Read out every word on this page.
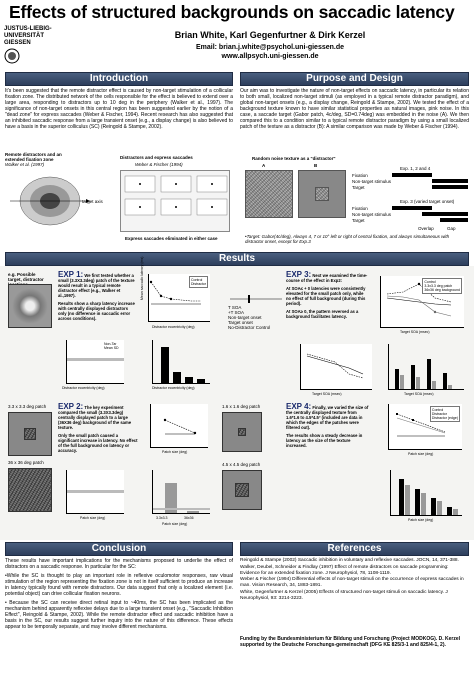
Effects of structured backgrounds on saccadic latency
JUSTUS-LIEBIG-UNIVERSITÄT GIESSEN
Brian White, Karl Gegenfurtner & Dirk Kerzel
Email: brian.j.white@psychol.uni-giessen.de
www.allpsych.uni-giessen.de
Introduction
It's been suggested that the remote distractor effect is caused by non-target stimulation of a collicular fixation zone. The distributed network of the cells responsible for the effect is believed to extend over a large area, responding to distractors up to 10 deg in the periphery (Walker et al., 1997). The significance of non-target onsets in this central region has been suggested earlier by the notion of a "dead zone" for express saccades (Weber & Fischer, 1994). Recent research has also suggested that an inhibited saccadic response from a large transient onset (e.g., a display change) is also believed to have a basis in the superior colliculus (SC) (Reingold & Stampe, 2002).
Remote distractors and an extended fixation zone
Walker et al. (1997)
target axis
Distractors and express saccades
Weber & Fischer (1994)
Express saccades eliminated in either case
Purpose and Design
Our aim was to investigate the nature of non-target effects on saccadic latency, in particular its relation to both small, localized non-target stimuli (as employed in a typical remote distractor paradigm), and global non-target onsets (e.g., a display change, Reingold & Stampe, 2002). We tested the effect of a background texture known to have similar statistical properties as natural images, pink noise. In this case, a saccade target (Gabor patch, 4c/deg, SD=0.74deg) was embedded in the noise (A). We then compared this to a condition similar to a typical remote distractor paradigm by using a small localized patch of the texture as a distractor (B): A similar comparison was made by Weber & Fischer (1994).
Random noise texture as a "distractor"
A	B
Exp. 1, 2 and 4
Fixation
Non-target stimulus
Target
Exp. 3 (varied target onset)
Fixation
Non-target stimulus
Target
Overlap	Gap
•Target: Gabor(4c/deg), Always 4, 7 or 10° left or right of central fixation, and always simultaneous with distractor onset, except for Exp.3
Results
e.g. Possible target, distractor
3.3 x 3.3 deg patch
36 x 36 deg patch
EXP 1: We first tested whether a small (3.3X3.3deg) patch of the texture would result in a typical remote distractor effect (e.g., Walker et al.,1997).
Results show a sharp latency increase with centrally displayed distractors only (no difference in saccadic error across conditions).
Control
Distractor
Distractor eccentricity (deg)
Mean saccadic latency (ms)
Non-Tar Mean SD
Distractor eccentricity (deg)	Distractor eccentricity (deg)
EXP 2: The key experiment compared the small (3.3X3.3deg) centrally displayed patch to a large (36X36 deg) background of the same texture.
Only the small patch caused a significant increase in latency. No effect of the full background on latency or accuracy.	Patch size (deg)
Patch size (deg)	3.3x3.3	36x36
Patch size (deg)
EXP 3: Next we examined the time-course of the effect in Exp2:
At SOA≤ + 0 latencies were consistently elevated for the small patch only, while no effect of full background (during this period).
At SOA≥ 0, the pattern reversed as a background facilitates latency.
T SOA
+T SOA
Non-target onset
Target onset
No-Distractor Control
Control
3.3x3.3 deg patch
36x36 deg background
Target SOA (msec)
Target SOA (msec)	Target SOA (msec)
1.6 x 1.6 deg patch
4.5 x 4.5 deg patch
EXP 4: Finally, we varied the size of the centrally displayed texture from 1.6*1.6 to 4.5*4.5° (included are data in which the edges of the patches were filtered out).
The results show a steady decrease in latency as the size of the texture increased.
Control
Distractor
Distractor (edge)
Patch size (deg)
Patch size (deg)
Conclusion

These results have important implications for the mechanisms proposed to underlie the effect of distractors on a saccadic response. In particular for the SC:

•While the SC is thought to play an important role in reflexive oculomotor responses, raw visual stimulation of the region representing the fixation zone is not in itself sufficient to produce an increase in latency typically found with remote distractors. Our data suggest that only a localized element (i.e. potential object) can drive collicular fixation neurons.

• Because the SC can receive direct retinal input to ~40ms, the SC has been implicated as the mechanism behind apparently reflexive delays due to a large transient onset (e.g., "Saccadic Inhibition Effect", Reingold & Stampe, 2002). While the remote distractor effect and saccadic inhibition have a basis in the SC, our results suggest further inquiry into the nature of this difference. These effects appear to be temporally separate, and may involve different mechanisms.

References

Reingold & Stampe (2002) Saccadic inhibition in voluntary and reflexive saccades. JOCN, 14, 371-388.

Walker, Deubel, Schneider & Findlay (1997) Effect of remote distractors on saccade programming: Evidence for an extended fixation zone. J Neurophysiol, 78, 1108-1119.

Weber & Fischer (1994) Differential effects of non-target stimuli on the occurrence of express saccades in man. Vision Research, 34, 1883-1891.

White, Gegenfurtner & Kerzel (2005) Effects of structured non-target stimuli on saccadic latency. J Neurophysiol, 93: 3214-3223.

Funding by the Bundesministerium für Bildung und Forschung (Project MODKOG). D. Kerzel supported by the Deutsche Forschungs-gemeinschaft (DFG KE 825/3-1 and 825/4-1, 2).
